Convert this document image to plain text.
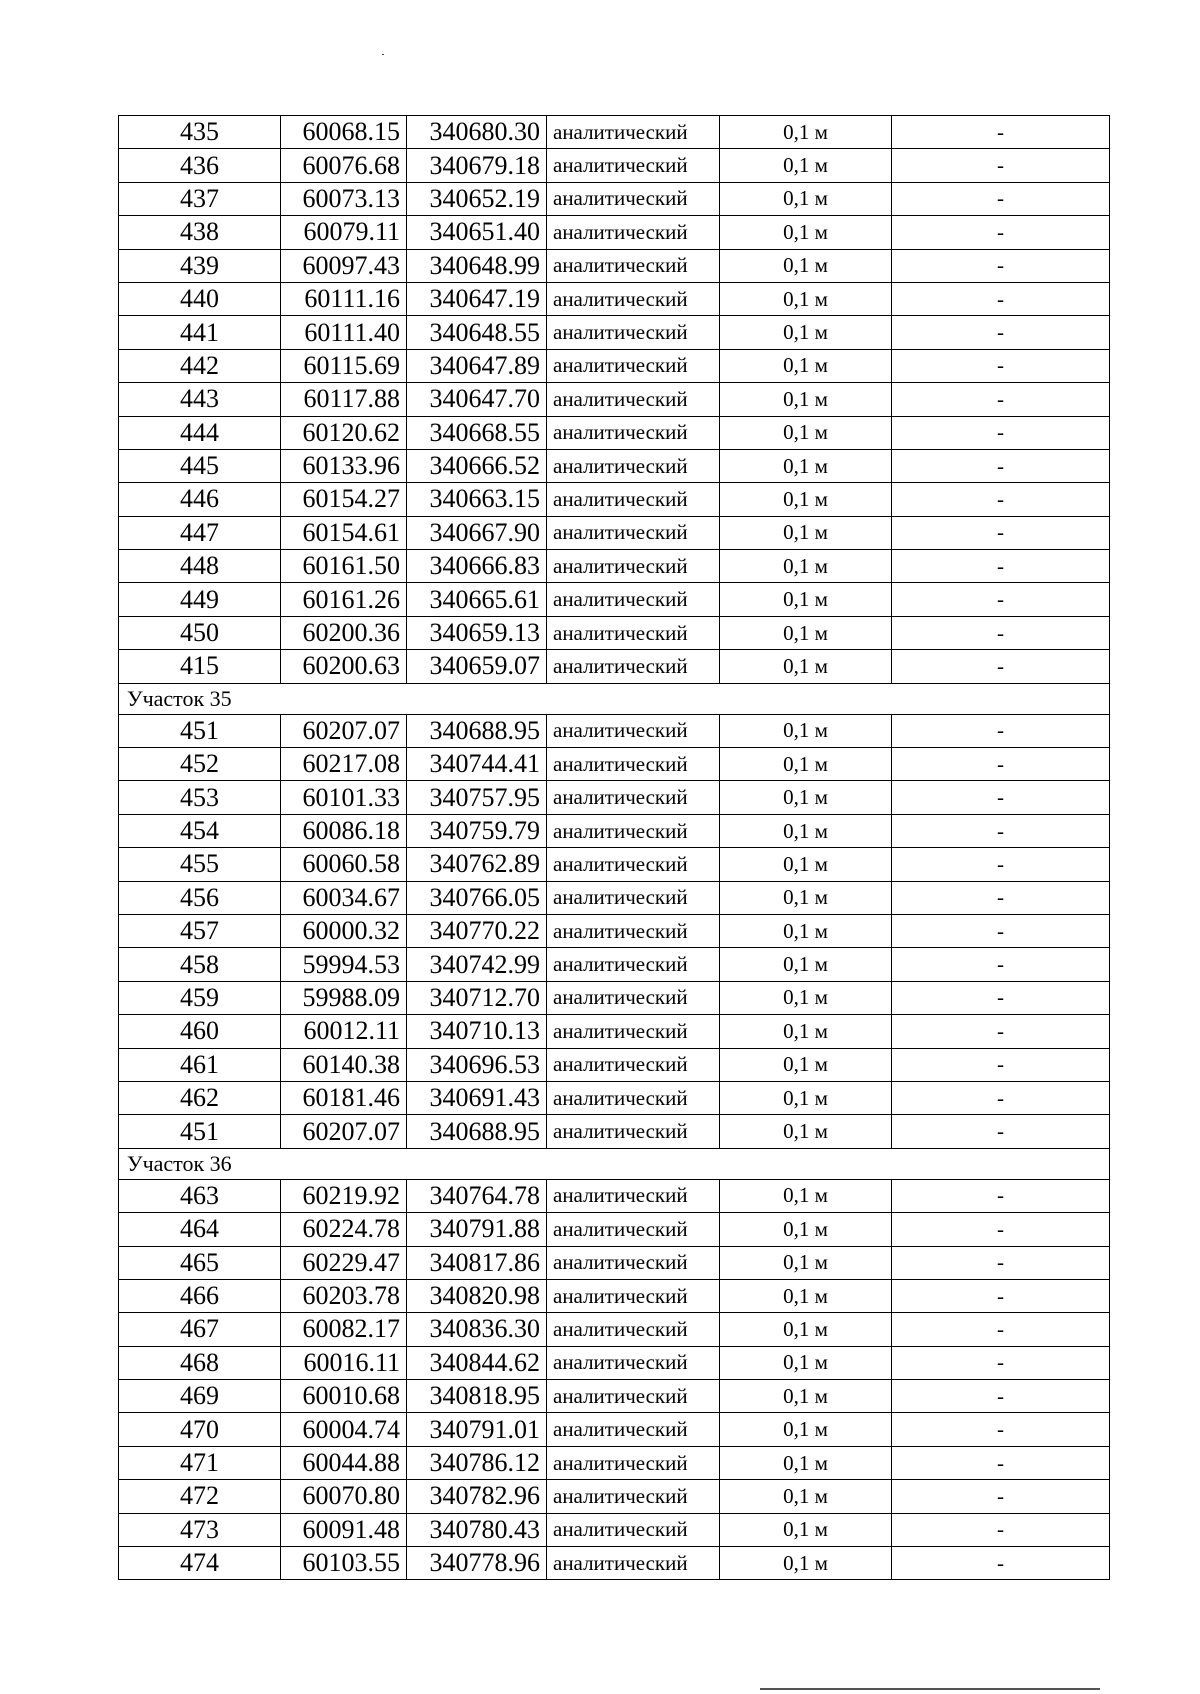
435	60068.15	340680.30	аналитический	0,1 м	-
436	60076.68	340679.18	аналитический	0,1 м	-
437	60073.13	340652.19	аналитический	0,1 м	-
438	60079.11	340651.40	аналитический	0,1 м	-
439	60097.43	340648.99	аналитический	0,1 м	-
440	60111.16	340647.19	аналитический	0,1 м	-
441	60111.40	340648.55	аналитический	0,1 м	-
442	60115.69	340647.89	аналитический	0,1 м	-
443	60117.88	340647.70	аналитический	0,1 м	-
444	60120.62	340668.55	аналитический	0,1 м	-
445	60133.96	340666.52	аналитический	0,1 м	-
446	60154.27	340663.15	аналитический	0,1 м	-
447	60154.61	340667.90	аналитический	0,1 м	-
448	60161.50	340666.83	аналитический	0,1 м	-
449	60161.26	340665.61	аналитический	0,1 м	-
450	60200.36	340659.13	аналитический	0,1 м	-
415	60200.63	340659.07	аналитический	0,1 м	-
Участок 35					
451	60207.07	340688.95	аналитический	0,1 м	-
452	60217.08	340744.41	аналитический	0,1 м	-
453	60101.33	340757.95	аналитический	0,1 м	-
454	60086.18	340759.79	аналитический	0,1 м	-
455	60060.58	340762.89	аналитический	0,1 м	-
456	60034.67	340766.05	аналитический	0,1 м	-
457	60000.32	340770.22	аналитический	0,1 м	-
458	59994.53	340742.99	аналитический	0,1 м	-
459	59988.09	340712.70	аналитический	0,1 м	-
460	60012.11	340710.13	аналитический	0,1 м	-
461	60140.38	340696.53	аналитический	0,1 м	-
462	60181.46	340691.43	аналитический	0,1 м	-
451	60207.07	340688.95	аналитический	0,1 м	-
Участок 36					
463	60219.92	340764.78	аналитический	0,1 м	-
464	60224.78	340791.88	аналитический	0,1 м	-
465	60229.47	340817.86	аналитический	0,1 м	-
466	60203.78	340820.98	аналитический	0,1 м	-
467	60082.17	340836.30	аналитический	0,1 м	-
468	60016.11	340844.62	аналитический	0,1 м	-
469	60010.68	340818.95	аналитический	0,1 м	-
470	60004.74	340791.01	аналитический	0,1 м	-
471	60044.88	340786.12	аналитический	0,1 м	-
472	60070.80	340782.96	аналитический	0,1 м	-
473	60091.48	340780.43	аналитический	0,1 м	-
474	60103.55	340778.96	аналитический	0,1 м	-
